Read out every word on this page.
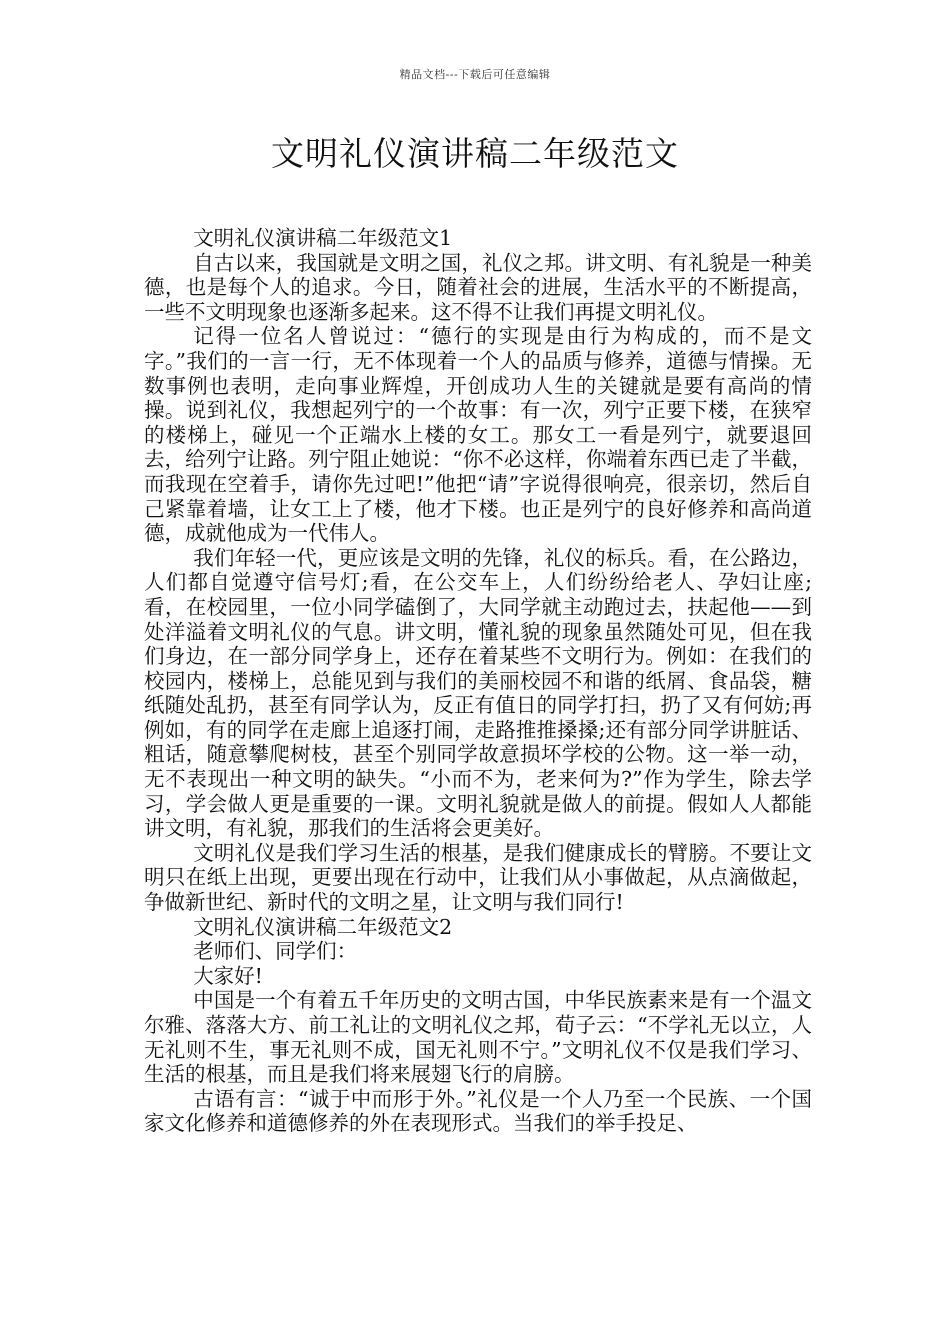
精品文档---下载后可任意编辑
文明礼仪演讲稿二年级范文

文明礼仪演讲稿二年级范文1

自古以来，我国就是文明之国，礼仪之邦。讲文明、有礼貌是一种美德，也是每个人的追求。今日，随着社会的进展，生活水平的不断提高，一些不文明现象也逐渐多起来。这不得不让我们再提文明礼仪。

记得一位名人曾说过：“德行的实现是由行为构成的，而不是文字。”我们的一言一行，无不体现着一个人的品质与修养，道德与情操。无数事例也表明，走向事业辉煌，开创成功人生的关键就是要有高尚的情操。说到礼仪，我想起列宁的一个故事：有一次，列宁正要下楼，在狭窄的楼梯上，碰见一个正端水上楼的女工。那女工一看是列宁，就要退回去，给列宁让路。列宁阻止她说：“你不必这样，你端着东西已走了半截，而我现在空着手，请你先过吧!”他把“请”字说得很响亮，很亲切，然后自己紧靠着墙，让女工上了楼，他才下楼。也正是列宁的良好修养和高尚道德，成就他成为一代伟人。

我们年轻一代，更应该是文明的先锋，礼仪的标兵。看，在公路边，人们都自觉遵守信号灯;看，在公交车上，人们纷纷给老人、孕妇让座;看，在校园里，一位小同学磕倒了，大同学就主动跑过去，扶起他——到处洋溢着文明礼仪的气息。讲文明，懂礼貌的现象虽然随处可见，但在我们身边，在一部分同学身上，还存在着某些不文明行为。例如：在我们的校园内，楼梯上，总能见到与我们的美丽校园不和谐的纸屑、食品袋，糖纸随处乱扔，甚至有同学认为，反正有值日的同学打扫，扔了又有何妨;再例如，有的同学在走廊上追逐打闹，走路推推搡搡;还有部分同学讲脏话、粗话，随意攀爬树枝，甚至个别同学故意损坏学校的公物。这一举一动，无不表现出一种文明的缺失。“小而不为，老来何为?”作为学生，除去学习，学会做人更是重要的一课。文明礼貌就是做人的前提。假如人人都能讲文明，有礼貌，那我们的生活将会更美好。

文明礼仪是我们学习生活的根基，是我们健康成长的臂膀。不要让文明只在纸上出现，更要出现在行动中，让我们从小事做起，从点滴做起，争做新世纪、新时代的文明之星，让文明与我们同行!

文明礼仪演讲稿二年级范文2

老师们、同学们：

大家好!

中国是一个有着五千年历史的文明古国，中华民族素来是有一个温文尔雅、落落大方、前工礼让的文明礼仪之邦，荀子云：“不学礼无以立，人无礼则不生，事无礼则不成，国无礼则不宁。”文明礼仪不仅是我们学习、生活的根基，而且是我们将来展翅飞行的肩膀。

古语有言：“诚于中而形于外。”礼仪是一个人乃至一个民族、一个国家文化修养和道德修养的外在表现形式。当我们的举手投足、
